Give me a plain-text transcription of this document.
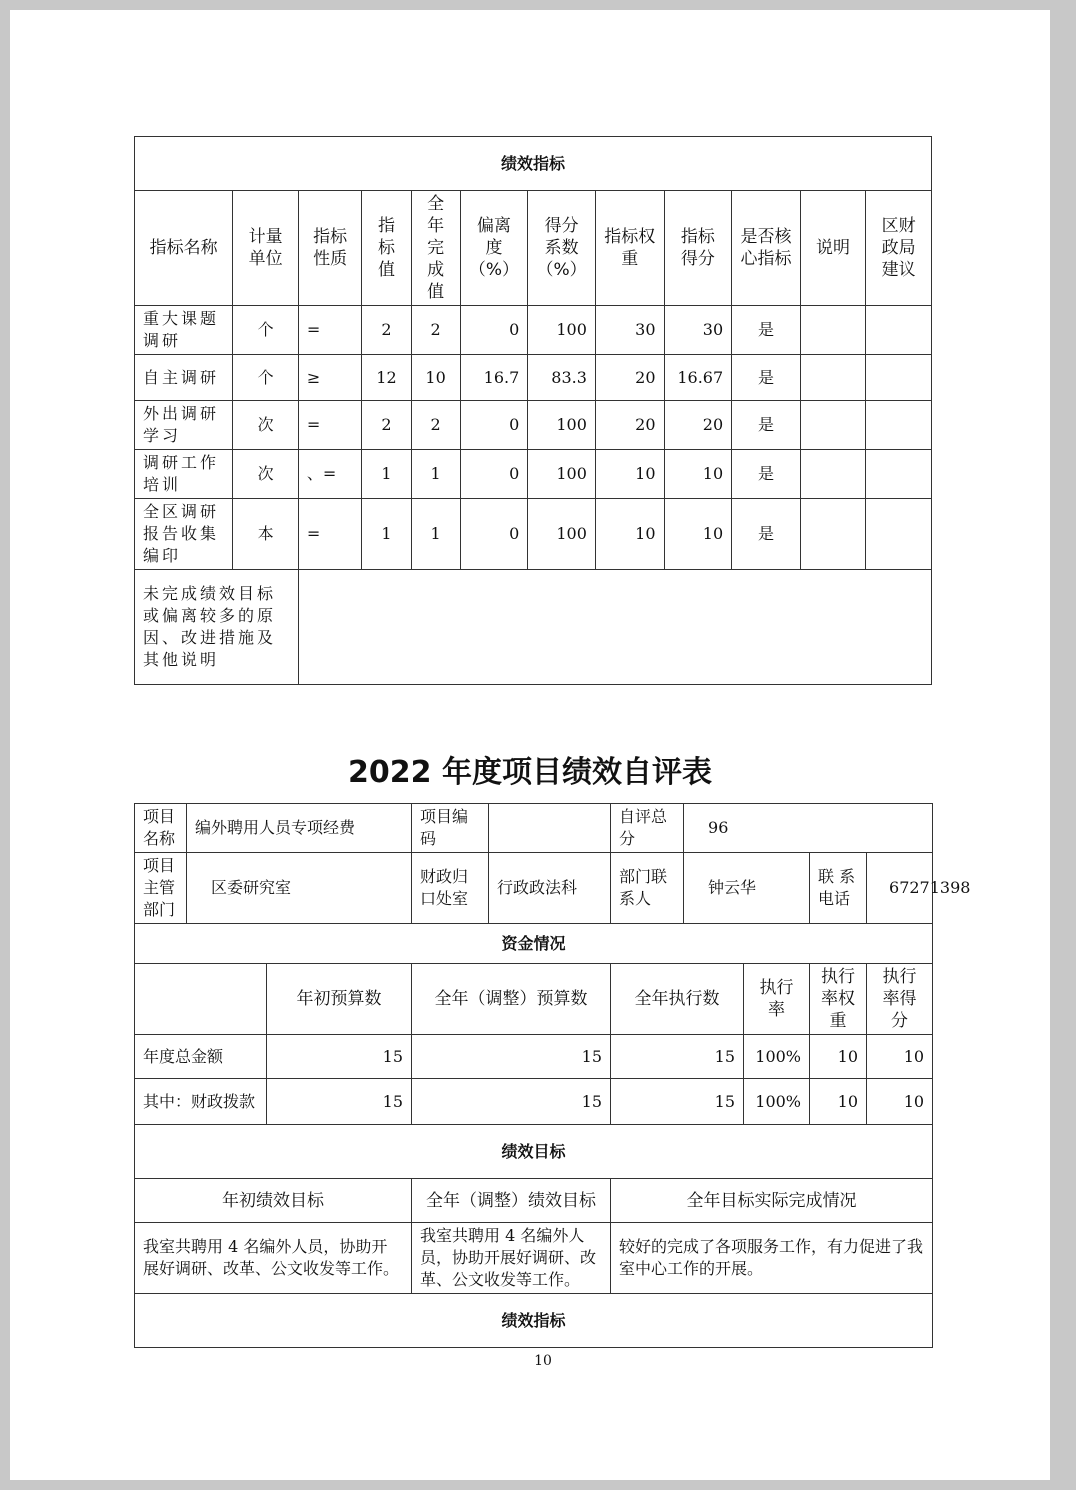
绩效指标											
指标名称	计量单位	指标性质	指标值	全年完成值	偏离度（%）	得分系数（%）	指标权重	指标得分	是否核心指标	说明	区财政局建议
重大课题调研	个	=	2	2	0	100	30	30	是		
自主调研	个	≥	12	10	16.7	83.3	20	16.67	是		
外出调研学习	次	=	2	2	0	100	20	20	是		
调研工作培训	次	、=	1	1	0	100	10	10	是		
全区调研报告收集编印	本	=	1	1	0	100	10	10	是		
未完成绩效目标或偏离较多的原因、改进措施及其他说明											
2022 年度项目绩效自评表
项目名称	编外聘用人员专项经费		项目编码		自评总分	96			
项目主管部门	区委研究室		财政归口处室	行政政法科	部门联系人	钟云华		联 系 电话	67271398
资金情况									
		年初预算数	全年（调整）预算数		全年执行数		执行率	执行率权重	执行率得分
年度总金额		15	15		15		100%	10	10
其中：财政拨款		15	15		15		100%	10	10
绩效目标									
年初绩效目标			全年（调整）绩效目标		全年目标实际完成情况				
我室共聘用 4 名编外人员，协助开展好调研、改革、公文收发等工作。			我室共聘用 4 名编外人员，协助开展好调研、改革、公文收发等工作。		较好的完成了各项服务工作，有力促进了我室中心工作的开展。				
绩效指标									
10
